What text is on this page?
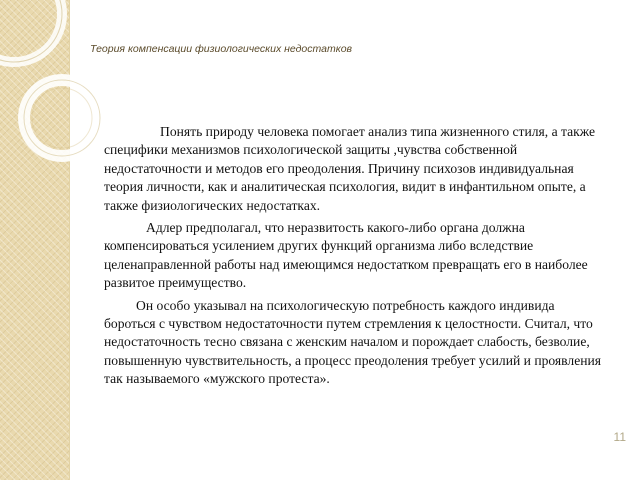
Теория компенсации физиологических недостатков

Понять природу человека помогает анализ типа жизненного стиля, а также специфики механизмов психологической защиты ,чувства собственной недостаточности и методов его преодоления. Причину психозов индивидуальная теория личности, как и аналитическая психология, видит в инфантильном опыте, а также физиологических недостатках.

Адлер предполагал, что неразвитость какого-либо органа должна компенсироваться усилением других функций организма либо вследствие целенаправленной работы над имеющимся недостатком превращать его в наиболее развитое преимущество.

Он особо указывал на психологическую потребность каждого индивида бороться с чувством недостаточности путем стремления к целостности. Считал, что недостаточность тесно связана с женским началом и порождает слабость, безволие, повышенную чувствительность, а процесс преодоления требует усилий и проявления так называемого «мужского протеста».

11
